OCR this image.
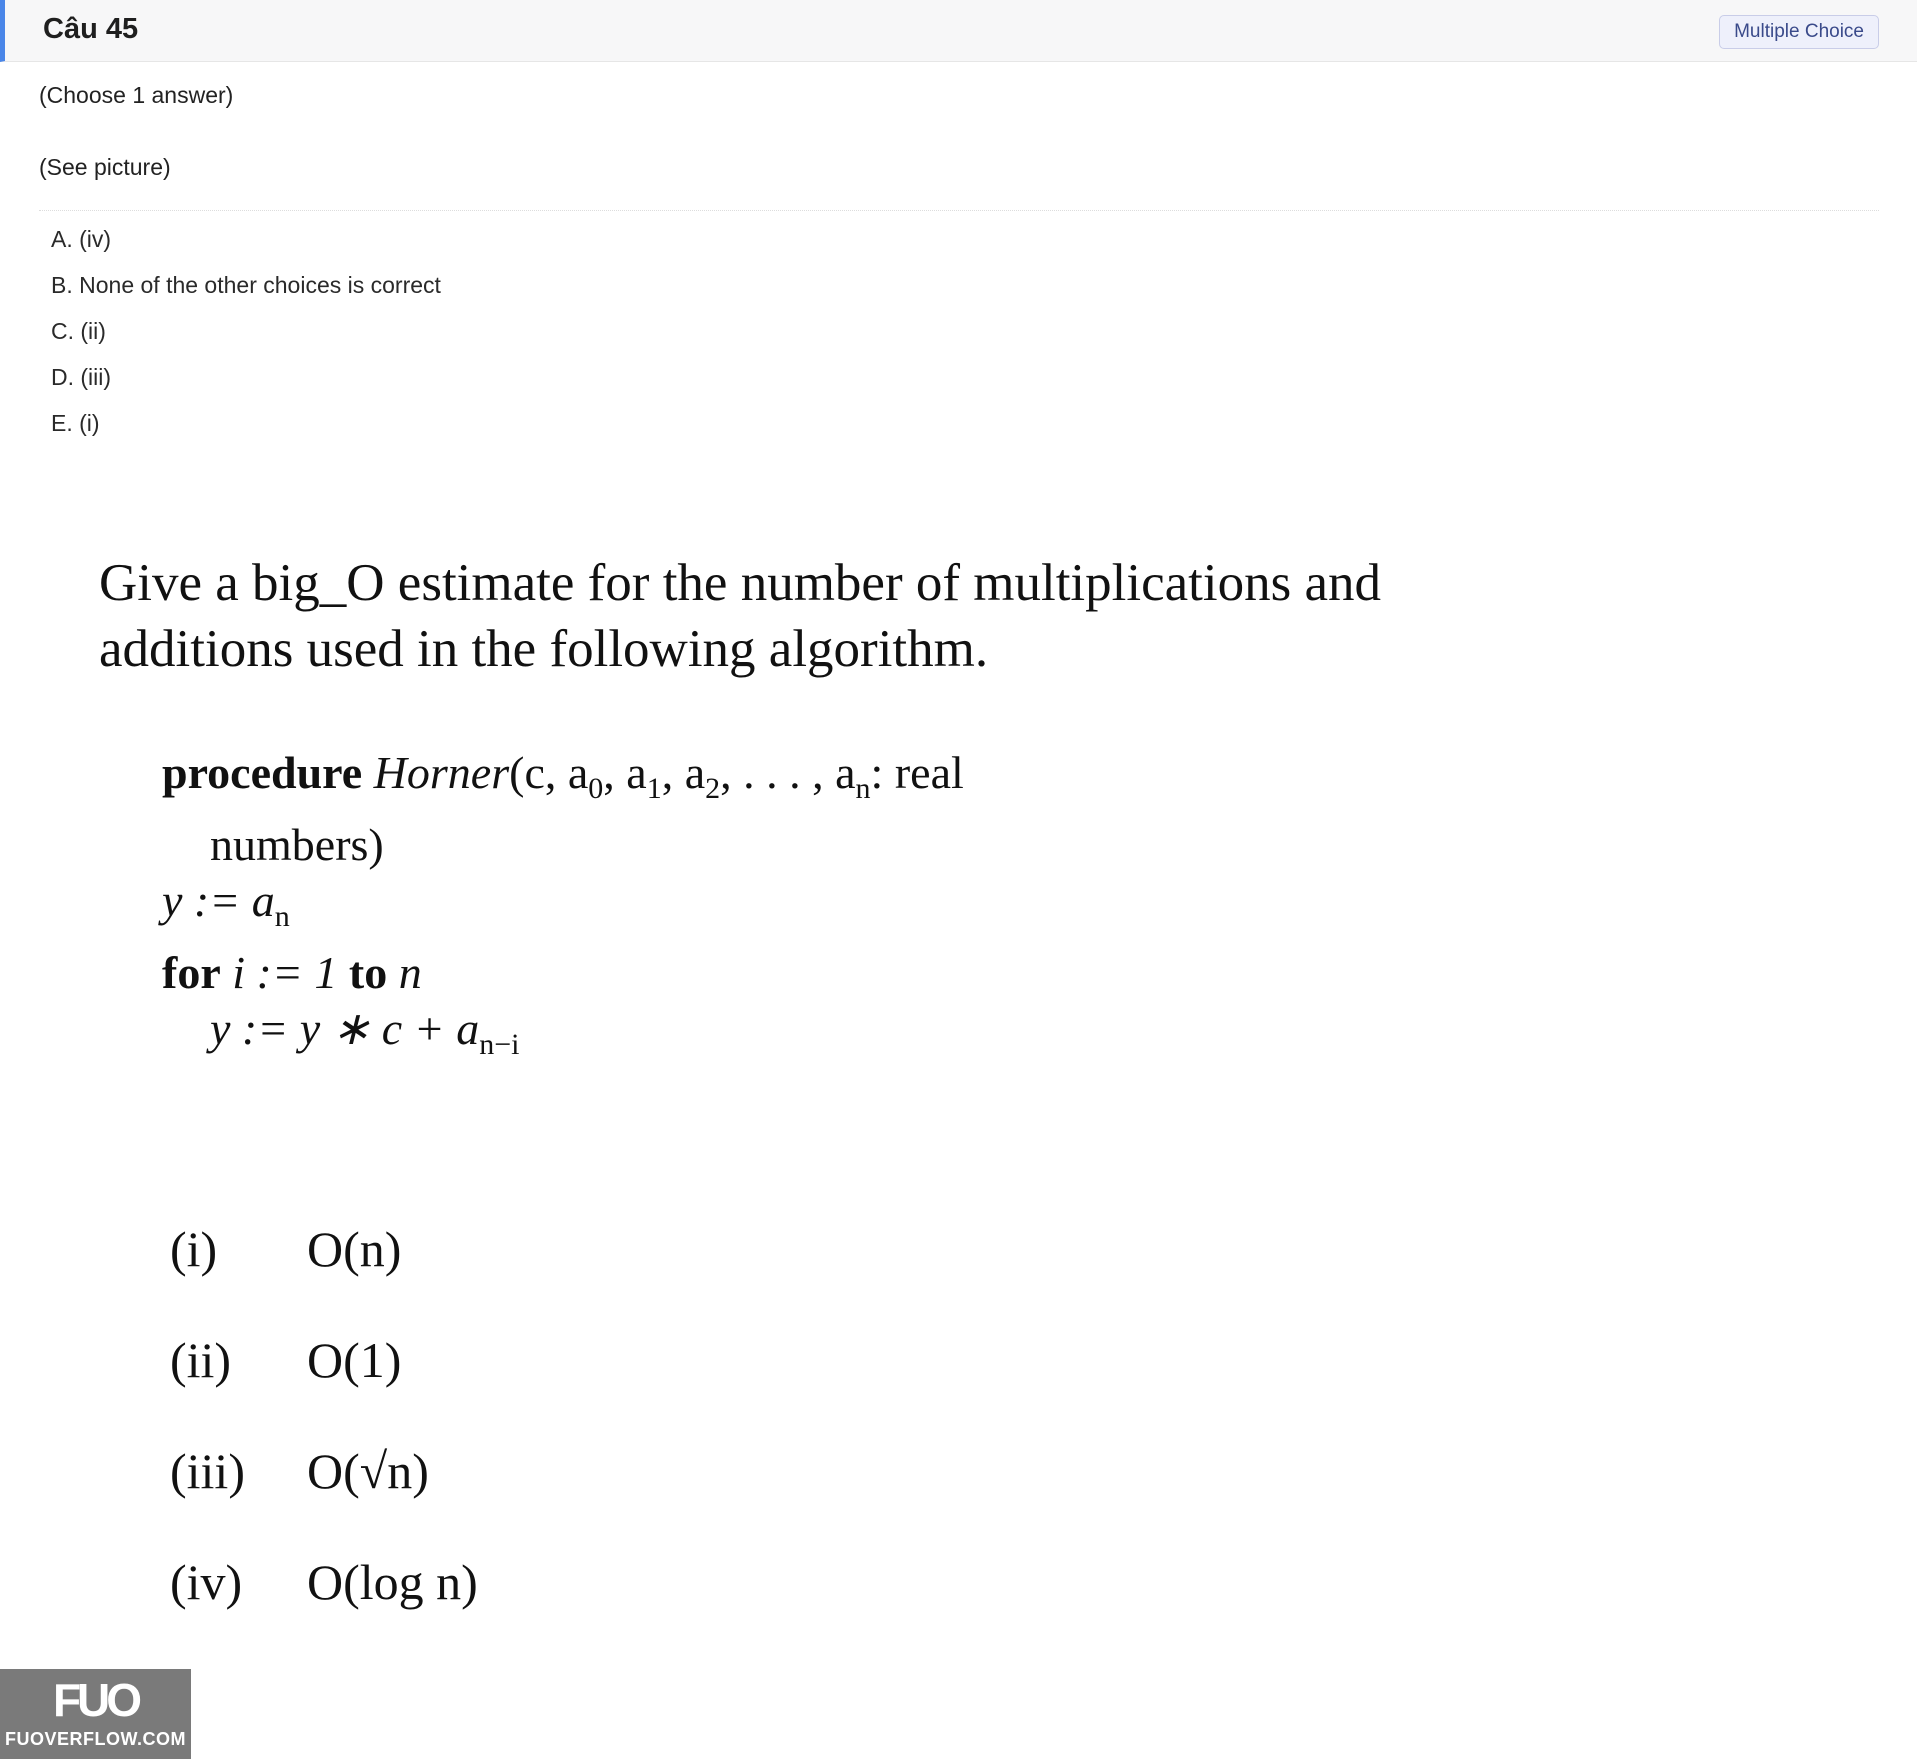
Câu 45	Multiple Choice
(Choose 1 answer)
(See picture)
A. (iv)
B. None of the other choices is correct
C. (ii)
D. (iii)
E. (i)
Give a big_O estimate for the number of multiplications and
additions used in the following algorithm.
procedure Horner(c, $a_0$, $a_1$, $a_2$, . . . , $a_n$: real
numbers)
y := $a_n$
for i := 1 to n
y := y ∗ $c + a_{n-i}$
(i) O(n)
(ii) O(1)
(iii) O(√n)
(iv) O(log n)
FUO
FUOVERFLOW.COM
